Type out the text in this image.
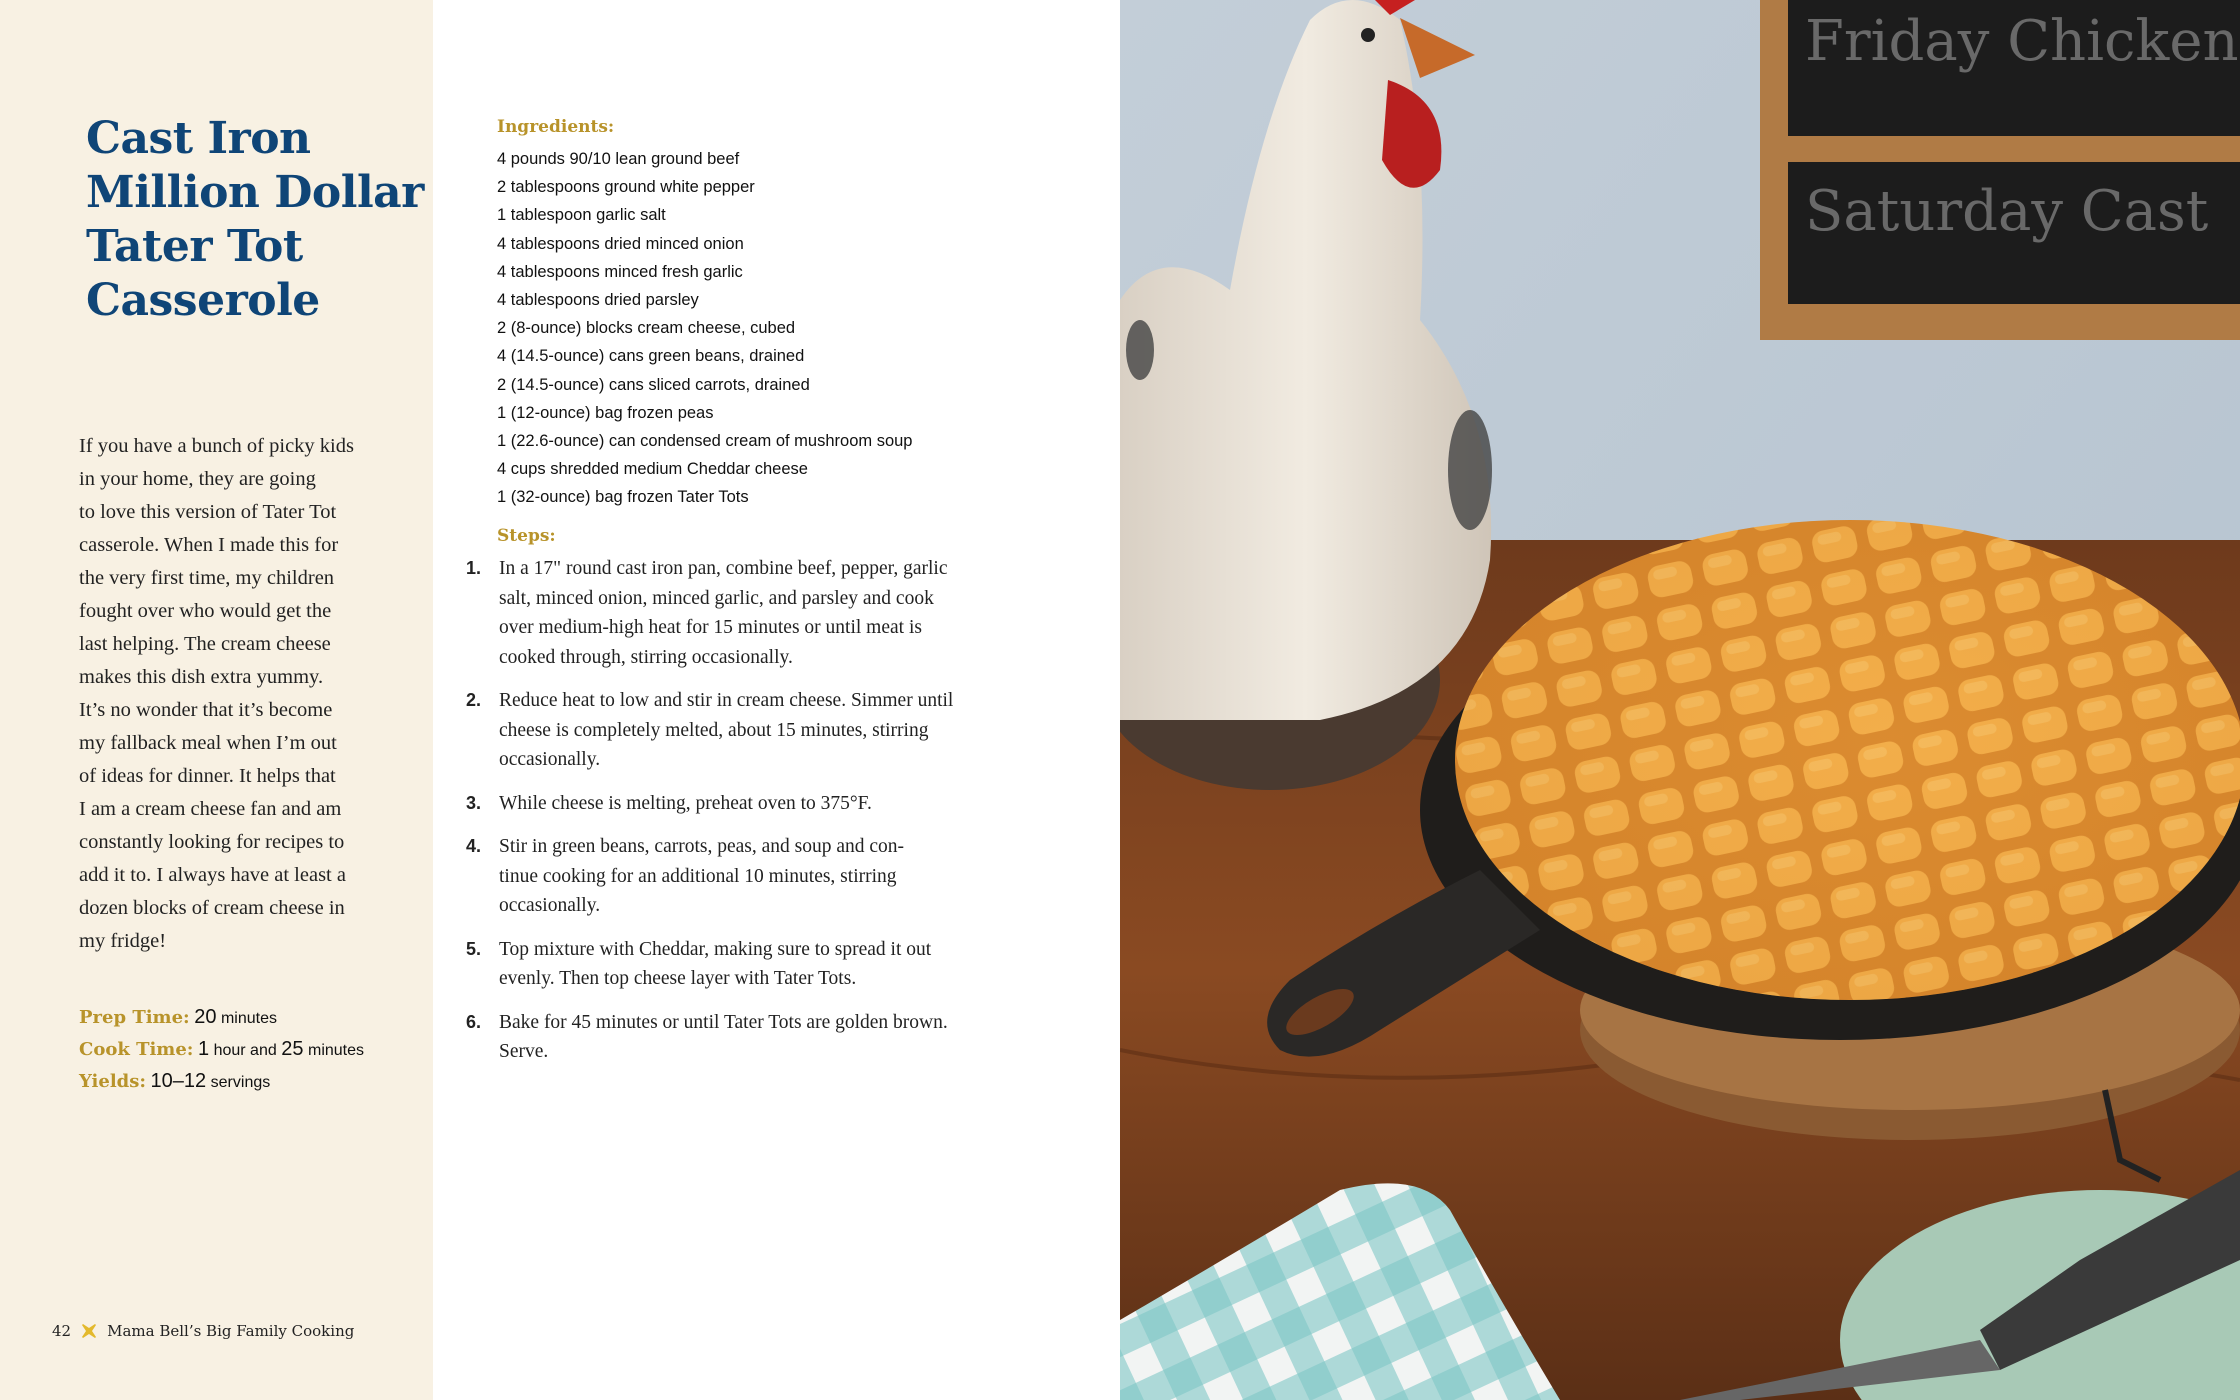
Cast Iron
Million Dollar
Tater Tot
Casserole
If you have a bunch of picky kids
in your home, they are going
to love this version of Tater Tot
casserole. When I made this for
the very first time, my children
fought over who would get the
last helping. The cream cheese
makes this dish extra yummy.
It’s no wonder that it’s become
my fallback meal when I’m out
of ideas for dinner. It helps that
I am a cream cheese fan and am
constantly looking for recipes to
add it to. I always have at least a
dozen blocks of cream cheese in
my fridge!
Prep Time: 20 minutes
Cook Time: 1 hour and 25 minutes
Yields: 10–12 servings
42 Mama Bell’s Big Family Cooking
Ingredients:
4 pounds 90/10 lean ground beef
2 tablespoons ground white pepper
1 tablespoon garlic salt
4 tablespoons dried minced onion
4 tablespoons minced fresh garlic
4 tablespoons dried parsley
2 (8-ounce) blocks cream cheese, cubed
4 (14.5-ounce) cans green beans, drained
2 (14.5-ounce) cans sliced carrots, drained
1 (12-ounce) bag frozen peas
1 (22.6-ounce) can condensed cream of mushroom soup
4 cups shredded medium Cheddar cheese
1 (32-ounce) bag frozen Tater Tots
Steps:
1. In a 17" round cast iron pan, combine beef, pepper, garlic
salt, minced onion, minced garlic, and parsley and cook
over medium-high heat for 15 minutes or until meat is
cooked through, stirring occasionally.
2. Reduce heat to low and stir in cream cheese. Simmer until
cheese is completely melted, about 15 minutes, stirring
occasionally.
3. While cheese is melting, preheat oven to 375°F.
4. Stir in green beans, carrots, peas, and soup and con-
tinue cooking for an additional 10 minutes, stirring
occasionally.
5. Top mixture with Cheddar, making sure to spread it out
evenly. Then top cheese layer with Tater Tots.
6. Bake for 45 minutes or until Tater Tots are golden brown.
Serve.
Friday Chicken
Saturday Cast
